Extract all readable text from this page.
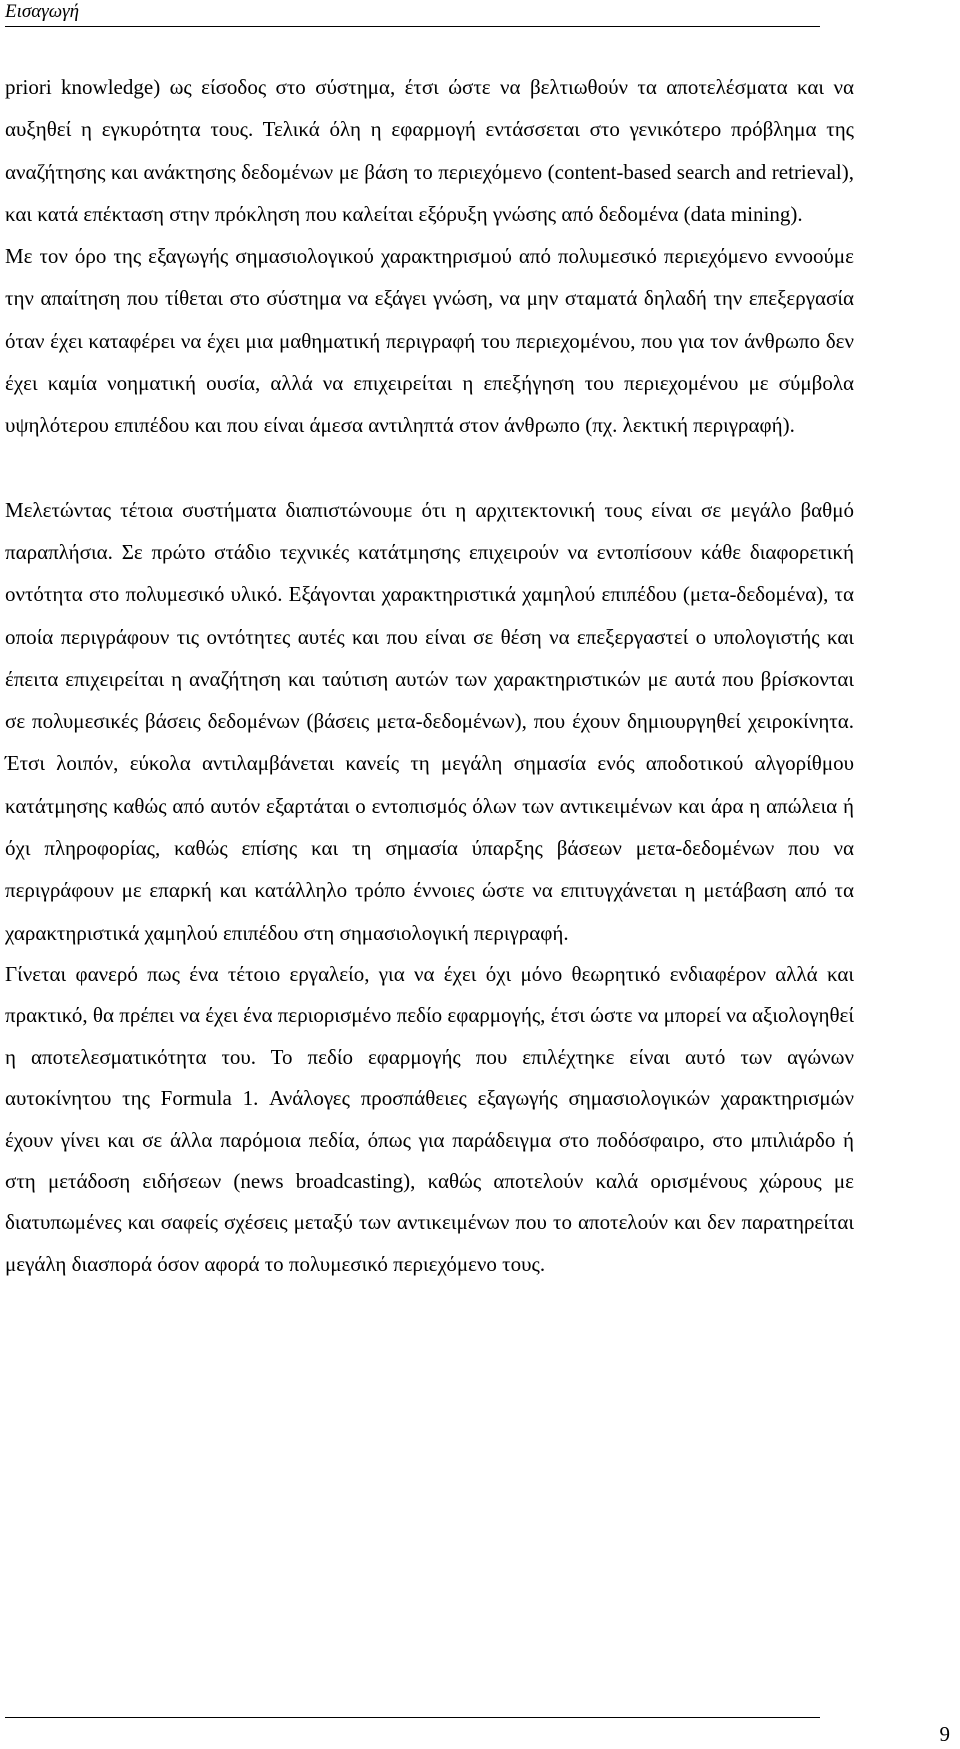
Εισαγωγή

priori knowledge) ως είσοδος στο σύστημα, έτσι ώστε να βελτιωθούν τα αποτελέσματα και να αυξηθεί η εγκυρότητα τους. Τελικά όλη η εφαρμογή εντάσσεται στο γενικότερο πρόβλημα της αναζήτησης και ανάκτησης δεδομένων με βάση το περιεχόμενο (content-based search and retrieval), και κατά επέκταση στην πρόκληση που καλείται εξόρυξη γνώσης από δεδομένα (data mining).

Με τον όρο της εξαγωγής σημασιολογικού χαρακτηρισμού από πολυμεσικό περιεχόμενο εννοούμε την απαίτηση που τίθεται στο σύστημα να εξάγει γνώση, να μην σταματά δηλαδή την επεξεργασία όταν έχει καταφέρει να έχει μια μαθηματική περιγραφή του περιεχομένου, που για τον άνθρωπο δεν έχει καμία νοηματική ουσία, αλλά να επιχειρείται η επεξήγηση του περιεχομένου με σύμβολα υψηλότερου επιπέδου και που είναι άμεσα αντιληπτά στον άνθρωπο (πχ. λεκτική περιγραφή).

Μελετώντας τέτοια συστήματα διαπιστώνουμε ότι η αρχιτεκτονική τους είναι σε μεγάλο βαθμό παραπλήσια. Σε πρώτο στάδιο τεχνικές κατάτμησης επιχειρούν να εντοπίσουν κάθε διαφορετική οντότητα στο πολυμεσικό υλικό. Εξάγονται χαρακτηριστικά χαμηλού επιπέδου (μετα-δεδομένα), τα οποία περιγράφουν τις οντότητες αυτές και που είναι σε θέση να επεξεργαστεί ο υπολογιστής και έπειτα επιχειρείται η αναζήτηση και ταύτιση αυτών των χαρακτηριστικών με αυτά που βρίσκονται σε πολυμεσικές βάσεις δεδομένων (βάσεις μετα-δεδομένων), που έχουν δημιουργηθεί χειροκίνητα. Έτσι λοιπόν, εύκολα αντιλαμβάνεται κανείς τη μεγάλη σημασία ενός αποδοτικού αλγορίθμου κατάτμησης καθώς από αυτόν εξαρτάται ο εντοπισμός όλων των αντικειμένων και άρα η απώλεια ή όχι πληροφορίας, καθώς επίσης και τη σημασία ύπαρξης βάσεων μετα-δεδομένων που να περιγράφουν με επαρκή και κατάλληλο τρόπο έννοιες ώστε να επιτυγχάνεται η μετάβαση από τα χαρακτηριστικά χαμηλού επιπέδου στη σημασιολογική περιγραφή.

Γίνεται φανερό πως ένα τέτοιο εργαλείο, για να έχει όχι μόνο θεωρητικό ενδιαφέρον αλλά και πρακτικό, θα πρέπει να έχει ένα περιορισμένο πεδίο εφαρμογής, έτσι ώστε να μπορεί να αξιολογηθεί η αποτελεσματικότητα του. Το πεδίο εφαρμογής που επιλέχτηκε είναι αυτό των αγώνων αυτοκίνητου της Formula 1. Ανάλογες προσπάθειες εξαγωγής σημασιολογικών χαρακτηρισμών έχουν γίνει και σε άλλα παρόμοια πεδία, όπως για παράδειγμα στο ποδόσφαιρο, στο μπιλιάρδο ή στη μετάδοση ειδήσεων (news broadcasting), καθώς αποτελούν καλά ορισμένους χώρους με διατυπωμένες και σαφείς σχέσεις μεταξύ των αντικειμένων που το αποτελούν και δεν παρατηρείται μεγάλη διασπορά όσον αφορά το πολυμεσικό περιεχόμενο τους.

9
